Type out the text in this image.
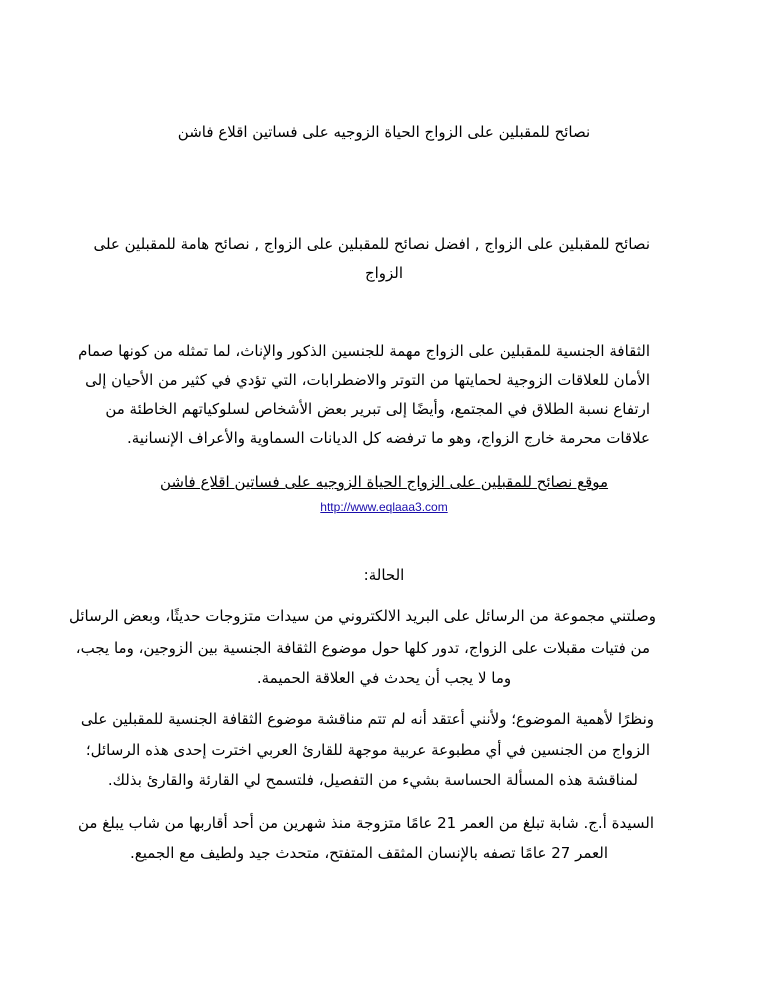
نصائح للمقبلين على الزواج الحياة الزوجيه على فساتين اقلاع فاشن
نصائح للمقبلين على الزواج , افضل نصائح للمقبلين على الزواج , نصائح هامة للمقبلين على
الزواج
الثقافة الجنسية للمقبلين على الزواج مهمة للجنسين الذكور والإناث، لما تمثله من كونها صمام
الأمان للعلاقات الزوجية لحمايتها من التوتر والاضطرابات، التي تؤدي في كثير من الأحيان إلى
ارتفاع نسبة الطلاق في المجتمع، وأيضًا إلى تبرير بعض الأشخاص لسلوكياتهم الخاطئة من
علاقات محرمة خارج الزواج، وهو ما ترفضه كل الديانات السماوية والأعراف الإنسانية.
موقع نصائح للمقبلين على الزواج الحياة الزوجيه على فساتين اقلاع فاشن
http://www.eqlaaa3.com
الحالة:
وصلتني مجموعة من الرسائل على البريد الالكتروني من سيدات متزوجات حديثًا، وبعض الرسائل
من فتيات مقبلات على الزواج، تدور كلها حول موضوع الثقافة الجنسية بين الزوجين، وما يجب،
وما لا يجب أن يحدث في العلاقة الحميمة.
ونظرًا لأهمية الموضوع؛ ولأنني أعتقد أنه لم تتم مناقشة موضوع الثقافة الجنسية للمقبلين على
الزواج من الجنسين في أي مطبوعة عربية موجهة للقارئ العربي اخترت إحدى هذه الرسائل؛
لمناقشة هذه المسألة الحساسة بشيء من التفصيل، فلتسمح لي القارئة والقارئ بذلك.
السيدة أ.ج. شابة تبلغ من العمر 21 عامًا متزوجة منذ شهرين من أحد أقاربها من شاب يبلغ من
العمر 27 عامًا تصفه بالإنسان المثقف المتفتح، متحدث جيد ولطيف مع الجميع.
